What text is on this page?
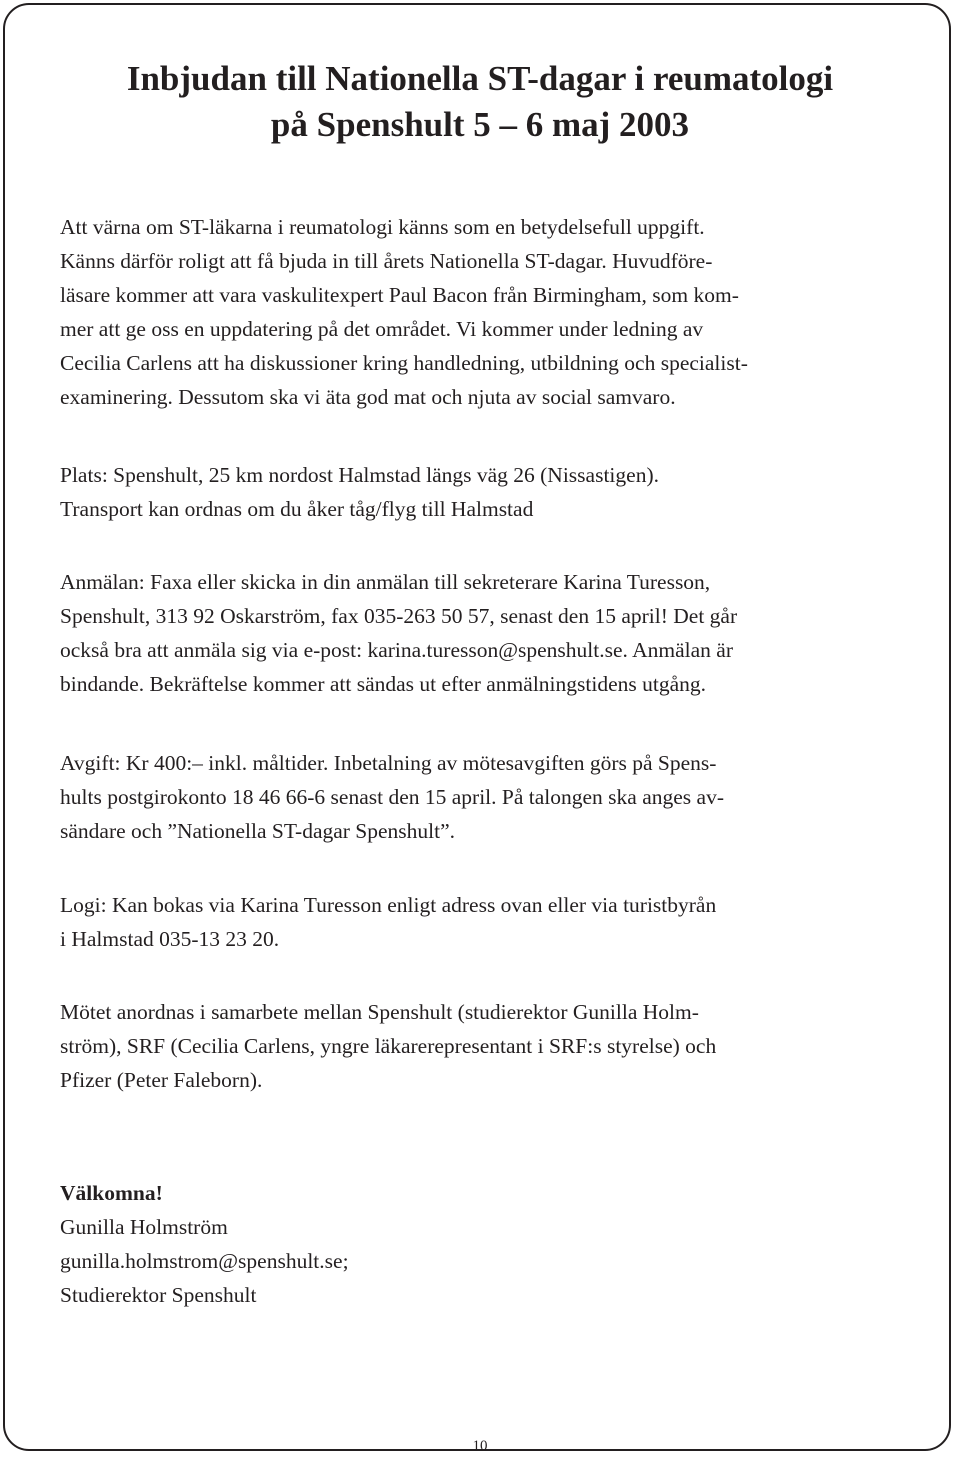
Inbjudan till Nationella ST-dagar i reumatologi
på Spenshult 5 – 6 maj 2003

Att värna om ST-läkarna i reumatologi känns som en betydelsefull uppgift.
Känns därför roligt att få bjuda in till årets Nationella ST-dagar. Huvudföre-
läsare kommer att vara vaskulitexpert Paul Bacon från Birmingham, som kom-
mer att ge oss en uppdatering på det området. Vi kommer under ledning av
Cecilia Carlens att ha diskussioner kring handledning, utbildning och specialist-
examinering. Dessutom ska vi äta god mat och njuta av social samvaro.

Plats: Spenshult, 25 km nordost Halmstad längs väg 26 (Nissastigen).
Transport kan ordnas om du åker tåg/flyg till Halmstad

Anmälan: Faxa eller skicka in din anmälan till sekreterare Karina Turesson,
Spenshult, 313 92 Oskarström, fax 035-263 50 57, senast den 15 april! Det går
också bra att anmäla sig via e-post: karina.turesson@spenshult.se. Anmälan är
bindande. Bekräftelse kommer att sändas ut efter anmälningstidens utgång.

Avgift: Kr 400:– inkl. måltider. Inbetalning av mötesavgiften görs på Spens-
hults postgirokonto 18 46 66-6 senast den 15 april. På talongen ska anges av-
sändare och ”Nationella ST-dagar Spenshult”.

Logi: Kan bokas via Karina Turesson enligt adress ovan eller via turistbyrån
i Halmstad 035-13 23 20.

Mötet anordnas i samarbete mellan Spenshult (studierektor Gunilla Holm-
ström), SRF (Cecilia Carlens, yngre läkarerepresentant i SRF:s styrelse) och
Pfizer (Peter Faleborn).

Välkomna!
Gunilla Holmström
gunilla.holmstrom@spenshult.se;
Studierektor Spenshult

10
